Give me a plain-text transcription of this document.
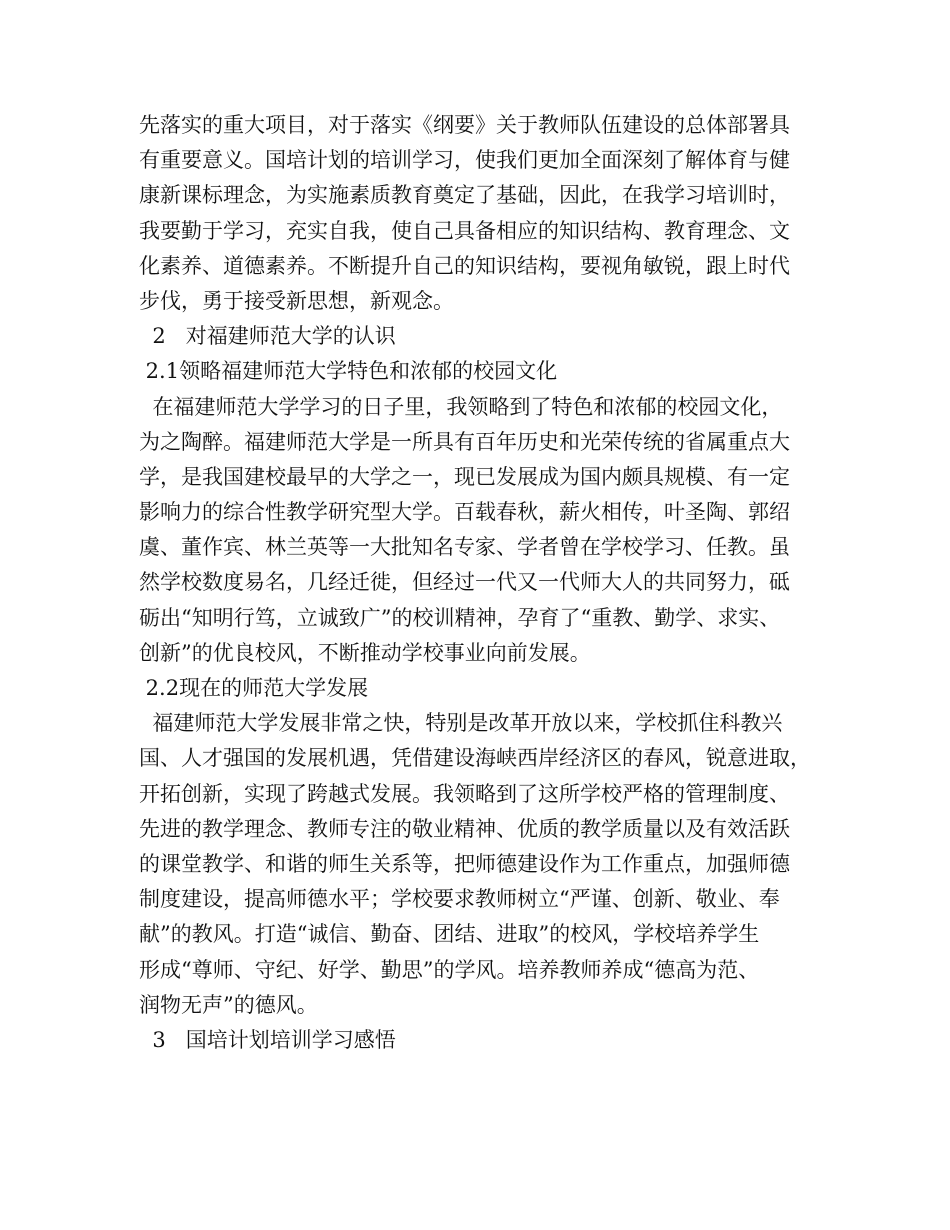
先落实的重大项目，对于落实《纲要》关于教师队伍建设的总体部署具
有重要意义。国培计划的培训学习，使我们更加全面深刻了解体育与健
康新课标理念，为实施素质教育奠定了基础，因此，在我学习培训时，
我要勤于学习，充实自我，使自己具备相应的知识结构、教育理念、文
化素养、道德素养。不断提升自己的知识结构，要视角敏锐，跟上时代
步伐，勇于接受新思想，新观念。
2   对福建师范大学的认识
2.1领略福建师范大学特色和浓郁的校园文化
在福建师范大学学习的日子里，我领略到了特色和浓郁的校园文化，
为之陶醉。福建师范大学是一所具有百年历史和光荣传统的省属重点大
学，是我国建校最早的大学之一，现已发展成为国内颇具规模、有一定
影响力的综合性教学研究型大学。百载春秋，薪火相传，叶圣陶、郭绍
虞、董作宾、林兰英等一大批知名专家、学者曾在学校学习、任教。虽
然学校数度易名，几经迁徙，但经过一代又一代师大人的共同努力，砥
砺出“知明行笃，立诚致广”的校训精神，孕育了“重教、勤学、求实、
创新”的优良校风，不断推动学校事业向前发展。
2.2现在的师范大学发展
福建师范大学发展非常之快，特别是改革开放以来，学校抓住科教兴
国、人才强国的发展机遇，凭借建设海峡西岸经济区的春风，锐意进取，
开拓创新，实现了跨越式发展。我领略到了这所学校严格的管理制度、
先进的教学理念、教师专注的敬业精神、优质的教学质量以及有效活跃
的课堂教学、和谐的师生关系等，把师德建设作为工作重点，加强师德
制度建设，提高师德水平；学校要求教师树立“严谨、创新、敬业、奉
献”的教风。打造“诚信、勤奋、团结、进取”的校风，学校培养学生
形成“尊师、守纪、好学、勤思”的学风。培养教师养成“德高为范、
润物无声”的德风。
3   国培计划培训学习感悟
